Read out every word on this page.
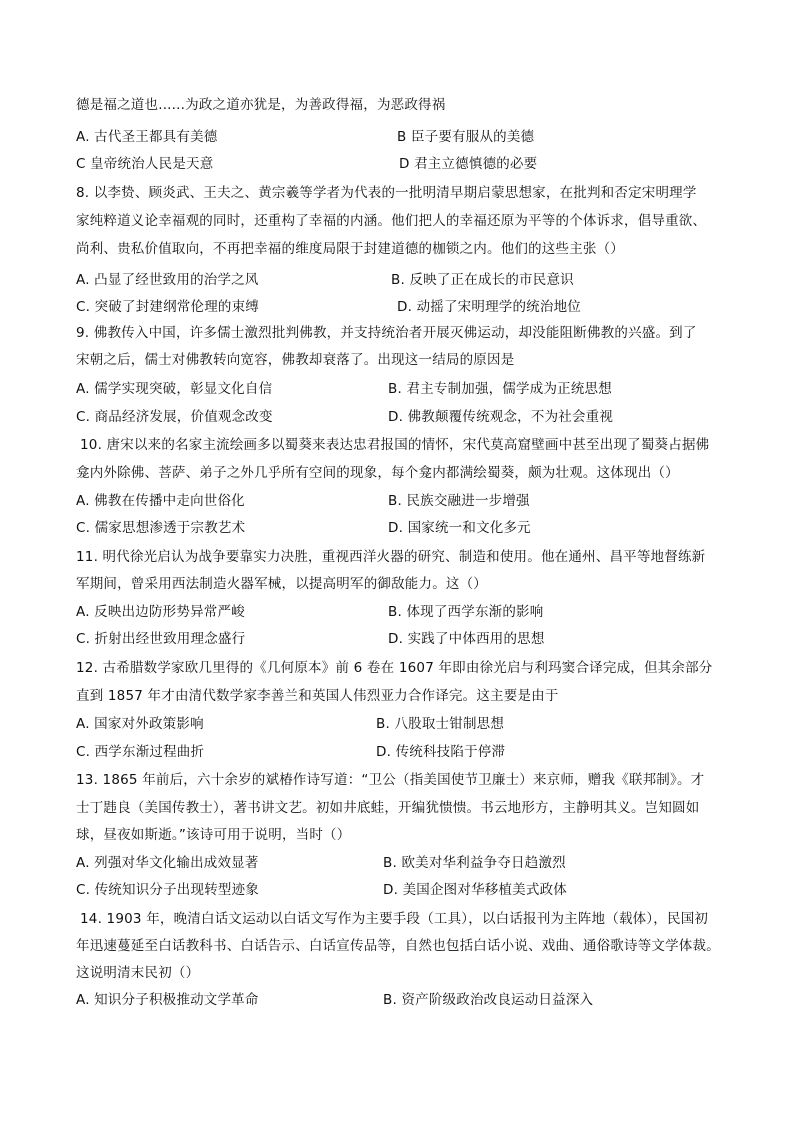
德是福之道也......为政之道亦犹是，为善政得福，为恶政得祸
A. 古代圣王都具有美德	B 臣子要有服从的美德
C 皇帝统治人民是天意	D 君主立德慎德的必要
8. 以李贽、顾炎武、王夫之、黄宗羲等学者为代表的一批明清早期启蒙思想家，在批判和否定宋明理学
家纯粹道义论幸福观的同时，还重构了幸福的内涵。他们把人的幸福还原为平等的个体诉求，倡导重欲、
尚利、贵私价值取向，不再把幸福的维度局限于封建道德的枷锁之内。他们的这些主张（）
A. 凸显了经世致用的治学之风	B. 反映了正在成长的市民意识
C. 突破了封建纲常伦理的束缚	D. 动摇了宋明理学的统治地位
9. 佛教传入中国，许多儒士激烈批判佛教，并支持统治者开展灭佛运动，却没能阻断佛教的兴盛。到了
宋朝之后，儒士对佛教转向宽容，佛教却衰落了。出现这一结局的原因是
A. 儒学实现突破，彰显文化自信	B. 君主专制加强，儒学成为正统思想
C. 商品经济发展，价值观念改变	D. 佛教颠覆传统观念，不为社会重视
10. 唐宋以来的名家主流绘画多以蜀葵来表达忠君报国的情怀，宋代莫高窟壁画中甚至出现了蜀葵占据佛
龛内外除佛、菩萨、弟子之外几乎所有空间的现象，每个龛内都满绘蜀葵，颇为壮观。这体现出（）
A. 佛教在传播中走向世俗化	B. 民族交融进一步增强
C. 儒家思想渗透于宗教艺术	D. 国家统一和文化多元
11. 明代徐光启认为战争要靠实力决胜，重视西洋火器的研究、制造和使用。他在通州、昌平等地督练新
军期间，曾采用西法制造火器军械，以提高明军的御敌能力。这（）
A. 反映出边防形势异常严峻	B. 体现了西学东渐的影响
C. 折射出经世致用理念盛行	D. 实践了中体西用的思想
12. 古希腊数学家欧几里得的《几何原本》前 6 卷在 1607 年即由徐光启与利玛窦合译完成，但其余部分
直到 1857 年才由清代数学家李善兰和英国人伟烈亚力合作译完。这主要是由于
A. 国家对外政策影响	B. 八股取士钳制思想
C. 西学东渐过程曲折	D. 传统科技陷于停滞
13. 1865 年前后，六十余岁的斌椿作诗写道：“卫公（指美国使节卫廉士）来京师，赠我《联邦制》。才
士丁韪良（美国传教士），著书讲文艺。初如井底蛙，开编犹愦愦。书云地形方，主静明其义。岂知圆如
球，昼夜如斯逝。”该诗可用于说明，当时（）
A. 列强对华文化输出成效显著	B. 欧美对华利益争夺日趋激烈
C. 传统知识分子出现转型迹象	D. 美国企图对华移植美式政体
14. 1903 年，晚清白话文运动以白话文写作为主要手段（工具），以白话报刊为主阵地（载体），民国初
年迅速蔓延至白话教科书、白话告示、白话宣传品等，自然也包括白话小说、戏曲、通俗歌诗等文学体裁。
这说明清末民初（）
A. 知识分子积极推动文学革命	B. 资产阶级政治改良运动日益深入
